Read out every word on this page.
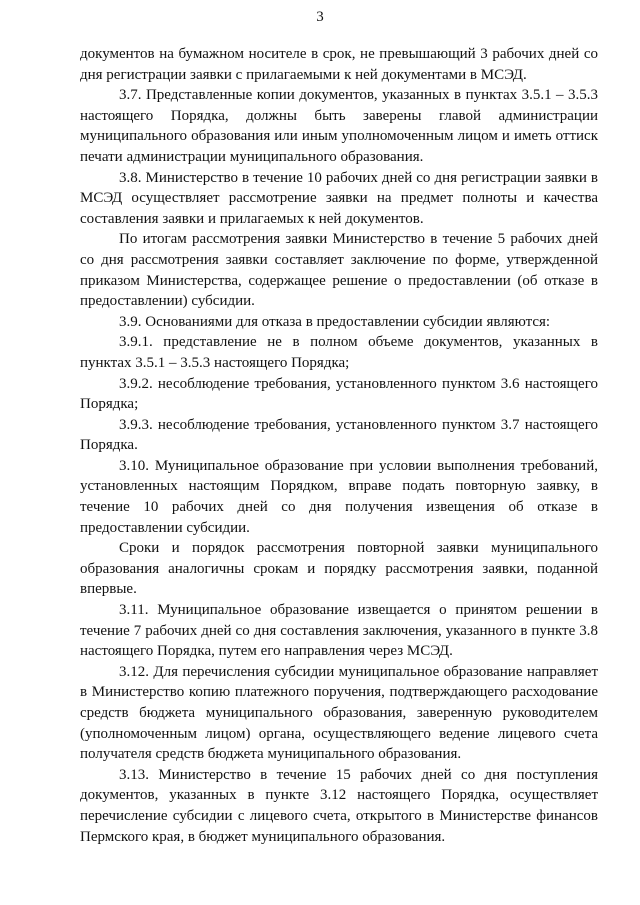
3

документов на бумажном носителе в срок, не превышающий 3 рабочих дней со дня регистрации заявки с прилагаемыми к ней документами в МСЭД.

3.7. Представленные копии документов, указанных в пунктах 3.5.1 – 3.5.3 настоящего Порядка, должны быть заверены главой администрации муниципального образования или иным уполномоченным лицом и иметь оттиск печати администрации муниципального образования.

3.8. Министерство в течение 10 рабочих дней со дня регистрации заявки в МСЭД осуществляет рассмотрение заявки на предмет полноты и качества составления заявки и прилагаемых к ней документов.

По итогам рассмотрения заявки Министерство в течение 5 рабочих дней со дня рассмотрения заявки составляет заключение по форме, утвержденной приказом Министерства, содержащее решение о предоставлении (об отказе в предоставлении) субсидии.

3.9. Основаниями для отказа в предоставлении субсидии являются:

3.9.1. представление не в полном объеме документов, указанных в пунктах 3.5.1 – 3.5.3 настоящего Порядка;

3.9.2. несоблюдение требования, установленного пунктом 3.6 настоящего Порядка;

3.9.3. несоблюдение требования, установленного пунктом 3.7 настоящего Порядка.

3.10. Муниципальное образование при условии выполнения требований, установленных настоящим Порядком, вправе подать повторную заявку, в течение 10 рабочих дней со дня получения извещения об отказе в предоставлении субсидии.

Сроки и порядок рассмотрения повторной заявки муниципального образования аналогичны срокам и порядку рассмотрения заявки, поданной впервые.

3.11. Муниципальное образование извещается о принятом решении в течение 7 рабочих дней со дня составления заключения, указанного в пункте 3.8 настоящего Порядка, путем его направления через МСЭД.

3.12. Для перечисления субсидии муниципальное образование направляет в Министерство копию платежного поручения, подтверждающего расходование средств бюджета муниципального образования, заверенную руководителем (уполномоченным лицом) органа, осуществляющего ведение лицевого счета получателя средств бюджета муниципального образования.

3.13. Министерство в течение 15 рабочих дней со дня поступления документов, указанных в пункте 3.12 настоящего Порядка, осуществляет перечисление субсидии с лицевого счета, открытого в Министерстве финансов Пермского края, в бюджет муниципального образования.
